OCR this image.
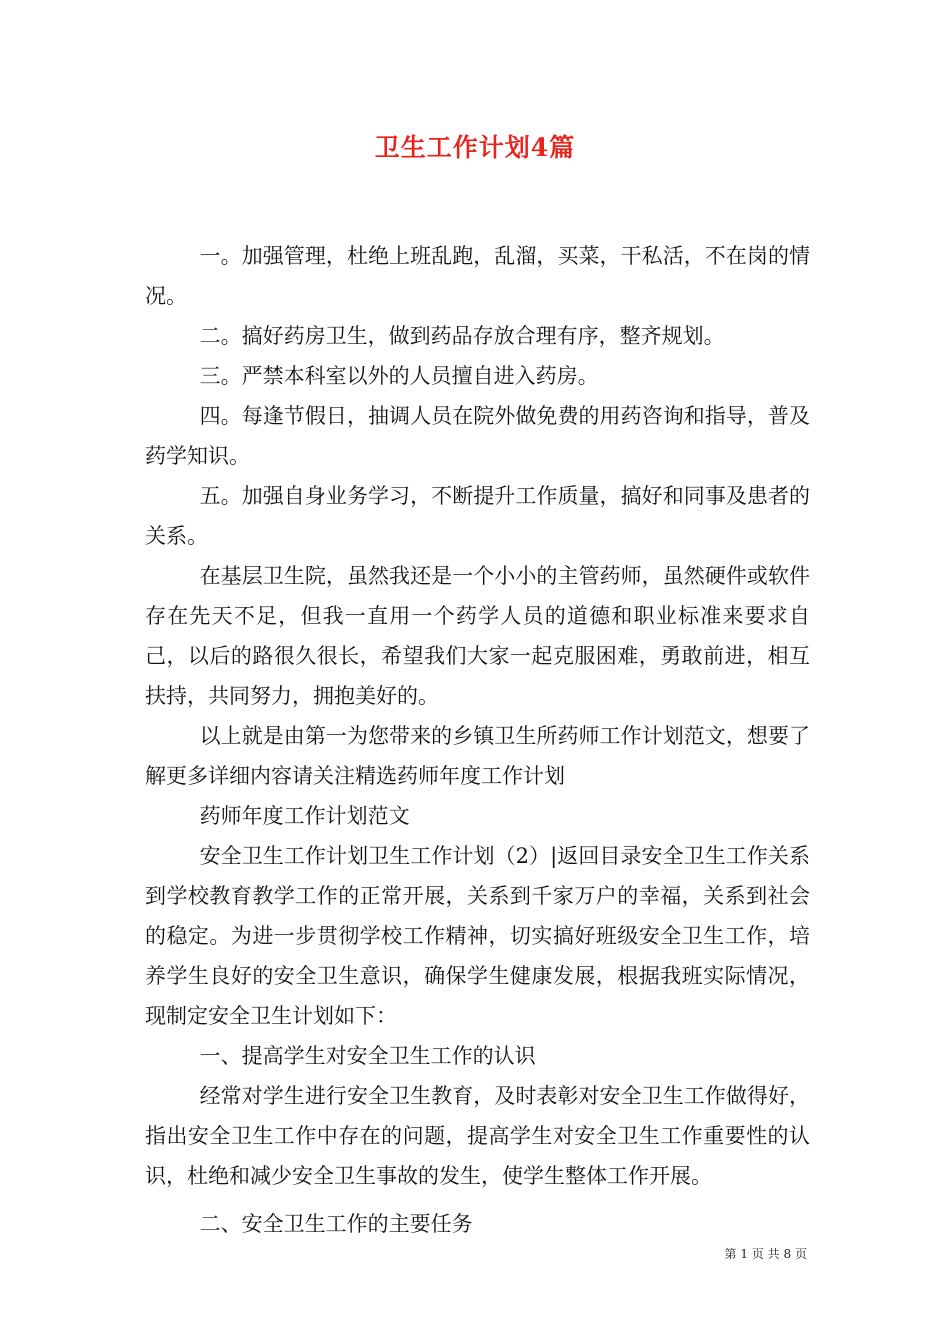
卫生工作计划4篇

一。加强管理，杜绝上班乱跑，乱溜，买菜，干私活，不在岗的情况。

二。搞好药房卫生，做到药品存放合理有序，整齐规划。

三。严禁本科室以外的人员擅自进入药房。

四。每逢节假日，抽调人员在院外做免费的用药咨询和指导，普及药学知识。

五。加强自身业务学习，不断提升工作质量，搞好和同事及患者的关系。

在基层卫生院，虽然我还是一个小小的主管药师，虽然硬件或软件存在先天不足，但我一直用一个药学人员的道德和职业标准来要求自己，以后的路很久很长，希望我们大家一起克服困难，勇敢前进，相互扶持，共同努力，拥抱美好的。

以上就是由第一为您带来的乡镇卫生所药师工作计划范文，想要了解更多详细内容请关注精选药师年度工作计划

药师年度工作计划范文

安全卫生工作计划卫生工作计划（2）|返回目录安全卫生工作关系到学校教育教学工作的正常开展，关系到千家万户的幸福，关系到社会的稳定。为进一步贯彻学校工作精神，切实搞好班级安全卫生工作，培养学生良好的安全卫生意识，确保学生健康发展，根据我班实际情况，现制定安全卫生计划如下：

一、提高学生对安全卫生工作的认识

经常对学生进行安全卫生教育，及时表彰对安全卫生工作做得好，指出安全卫生工作中存在的问题，提高学生对安全卫生工作重要性的认识，杜绝和减少安全卫生事故的发生，使学生整体工作开展。

二、安全卫生工作的主要任务

第 1 页 共 8 页
